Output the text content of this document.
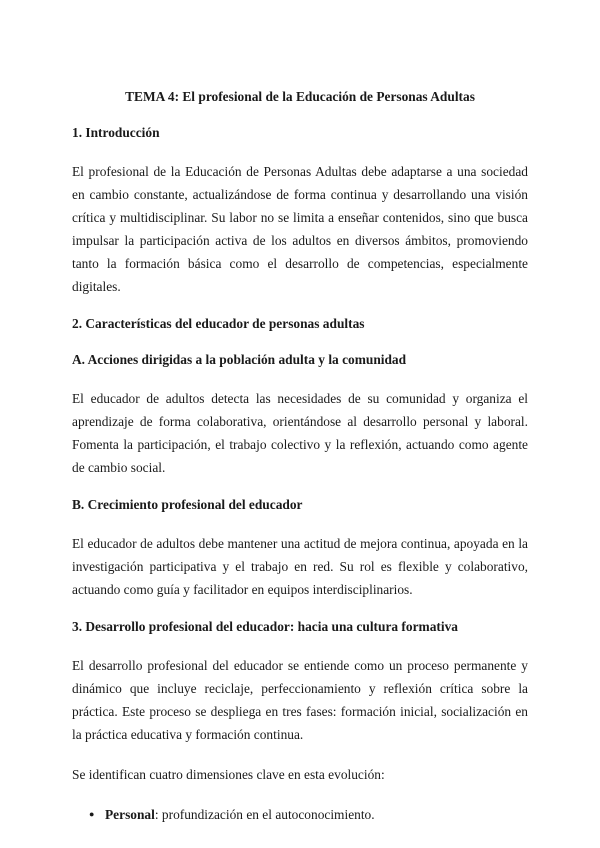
TEMA 4: El profesional de la Educación de Personas Adultas
1. Introducción

El profesional de la Educación de Personas Adultas debe adaptarse a una sociedad en cambio constante, actualizándose de forma continua y desarrollando una visión crítica y multidisciplinar. Su labor no se limita a enseñar contenidos, sino que busca impulsar la participación activa de los adultos en diversos ámbitos, promoviendo tanto la formación básica como el desarrollo de competencias, especialmente digitales.

2. Características del educador de personas adultas
A. Acciones dirigidas a la población adulta y la comunidad

El educador de adultos detecta las necesidades de su comunidad y organiza el aprendizaje de forma colaborativa, orientándose al desarrollo personal y laboral. Fomenta la participación, el trabajo colectivo y la reflexión, actuando como agente de cambio social.

B. Crecimiento profesional del educador

El educador de adultos debe mantener una actitud de mejora continua, apoyada en la investigación participativa y el trabajo en red. Su rol es flexible y colaborativo, actuando como guía y facilitador en equipos interdisciplinarios.

3. Desarrollo profesional del educador: hacia una cultura formativa

El desarrollo profesional del educador se entiende como un proceso permanente y dinámico que incluye reciclaje, perfeccionamiento y reflexión crítica sobre la práctica. Este proceso se despliega en tres fases: formación inicial, socialización en la práctica educativa y formación continua.

Se identifican cuatro dimensiones clave en esta evolución:

● Personal: profundización en el autoconocimiento.
